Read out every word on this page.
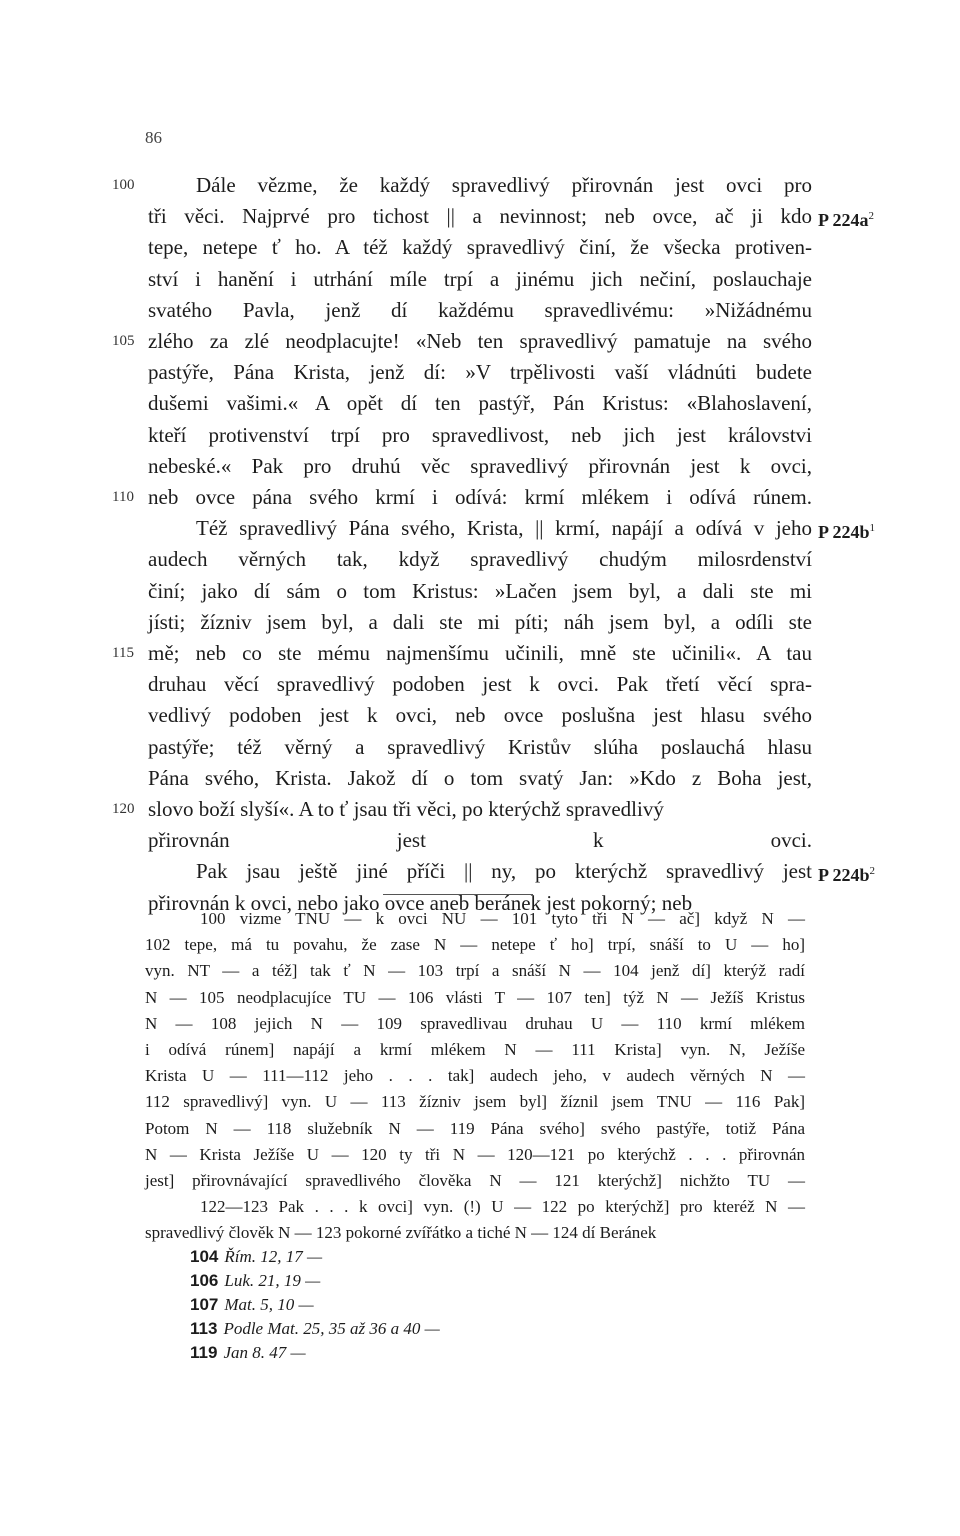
86
Dále vězme, že každý spravedlivý přirovnán jest ovci pro
100
tři věci. Najprvé pro tichost || a nevinnost; neb ovce, ač ji kdo P $224a^2$
tepe, netepe ť ho. A též každý spravedlivý činí, že všecka protiven-
ství i hanění i utrhání míle trpí a jinému jich nečiní, poslauchaje
svatého Pavla, jenž dí každému spravedlivému: »Nižádnému
zlého za zlé neodplacujte! «Neb ten spravedlivý pamatuje na svého
105
pastýře, Pána Krista, jenž dí: »V trpělivosti vaší vládnúti budete
dušemi vašimi.« A opět dí ten pastýř, Pán Kristus: «Blahoslavení,
kteří protivenství trpí pro spravedlivost, neb jich jest královstvi
nebeské.« Pak pro druhú věc spravedlivý přirovnán jest k ovci,
neb ovce pána svého krmí i odívá: krmí mlékem i odívá rúnem.
110
Též spravedlivý Pána svého, Krista, || krmí, napájí a odívá v jeho P $224b^1$
audech věrných tak, když spravedlivý chudým milosrdenství
činí; jako dí sám o tom Kristus: »Lačen jsem byl, a dali ste mi
jísti; žízniv jsem byl, a dali ste mi píti; náh jsem byl, a odíli ste
mě; neb co ste mému najmenšímu učinili, mně ste učinili«. A tau
115
druhau věcí spravedlivý podoben jest k ovci. Pak třetí věcí spra-
vedlivý podoben jest k ovci, neb ovce poslušna jest hlasu svého
pastýře; též věrný a spravedlivý Kristův slúha poslauchá hlasu
Pána svého, Krista. Jakož dí o tom svatý Jan: »Kdo z Boha jest,
slovo boží slyší«. A to ť jsau tři věci, po kterýchž spravedlivý
120
přirovnán jest k ovci.
Pak jsau ještě jiné příči || ny, po kterýchž spravedlivý jest P $224b^2$
přirovnán k ovci, nebo jako ovce aneb beránek jest pokorný; neb
100 vizme TNU — k ovci NU — 101 tyto tři N — ač] když N —
102 tepe, má tu povahu, že zase N — netepe ť ho] trpí, snáší to U — ho]
vyn. NT — a též] tak ť N — 103 trpí a snáší N — 104 jenž dí] kterýž radí
N — 105 neodplacujíce TU — 106 vlásti T — 107 ten] týž N — Ježíš Kristus
N — 108 jejich N — 109 spravedlivau druhau U — 110 krmí mlékem
i odívá rúnem] napájí a krmí mlékem N — 111 Krista] vyn. N, Ježíše
Krista U — 111—112 jeho . . . tak] audech jeho, v audech věrných N —
112 spravedlivý] vyn. U — 113 žízniv jsem byl] žíznil jsem TNU — 116 Pak]
Potom N — 118 služebník N — 119 Pána svého] svého pastýře, totiž Pána
N — Krista Ježíše U — 120 ty tři N — 120—121 po kterýchž . . . přirovnán
jest] přirovnávající spravedlivého člověka N — 121 kterýchž] nichžto TU —
122—123 Pak . . . k ovci] vyn. (!) U — 122 po kterýchž] pro kteréž N —
spravedlivý člověk N — 123 pokorné zvířátko a tiché N — 124 dí Beránek
104 Řím. 12, 17 —
106 Luk. 21, 19 —
107 Mat. 5, 10 —
113 Podle Mat. 25, 35 až 36 a 40 —
119 Jan 8. 47 —
